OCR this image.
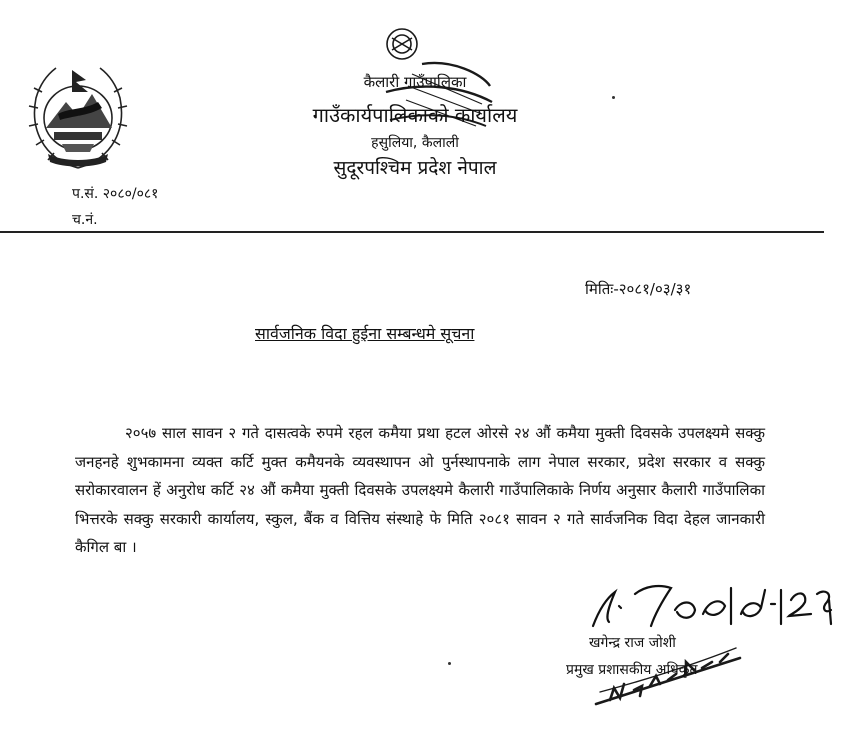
कैलारी गाउँपालिका
गाउँकार्यपालिकाको कार्यालय
हसुलिया, कैलाली
सुदूरपश्चिम प्रदेश नेपाल
प.सं. २०८०/०८१
च.नं.
मितिः-२०८१/०३/३१
सार्वजनिक विदा हुईना सम्बन्धमे सूचना
२०५७ साल सावन २ गते दासत्वके रुपमे रहल कमैया प्रथा हटल ओरसे २४ औं कमैया मुक्ती दिवसके उपलक्ष्यमे सक्कु जनहनहे शुभकामना व्यक्त कर्टि मुक्त कमैयनके व्यवस्थापन ओ पुर्नस्थापनाके लाग नेपाल सरकार, प्रदेश सरकार व सक्कु सरोकारवालन हें अनुरोध कर्टि २४ औं कमैया मुक्ती दिवसके उपलक्ष्यमे कैलारी गाउँपालिकाके निर्णय अनुसार कैलारी गाउँपालिका भित्तरके सक्कु सरकारी कार्यालय, स्कुल, बैंक व वित्तिय संस्थाहे फे मिति २०८१ सावन २ गते सार्वजनिक विदा देहल जानकारी कैगिल बा ।
खगेन्द्र राज जोशी
प्रमुख प्रशासकीय अधिकृत
